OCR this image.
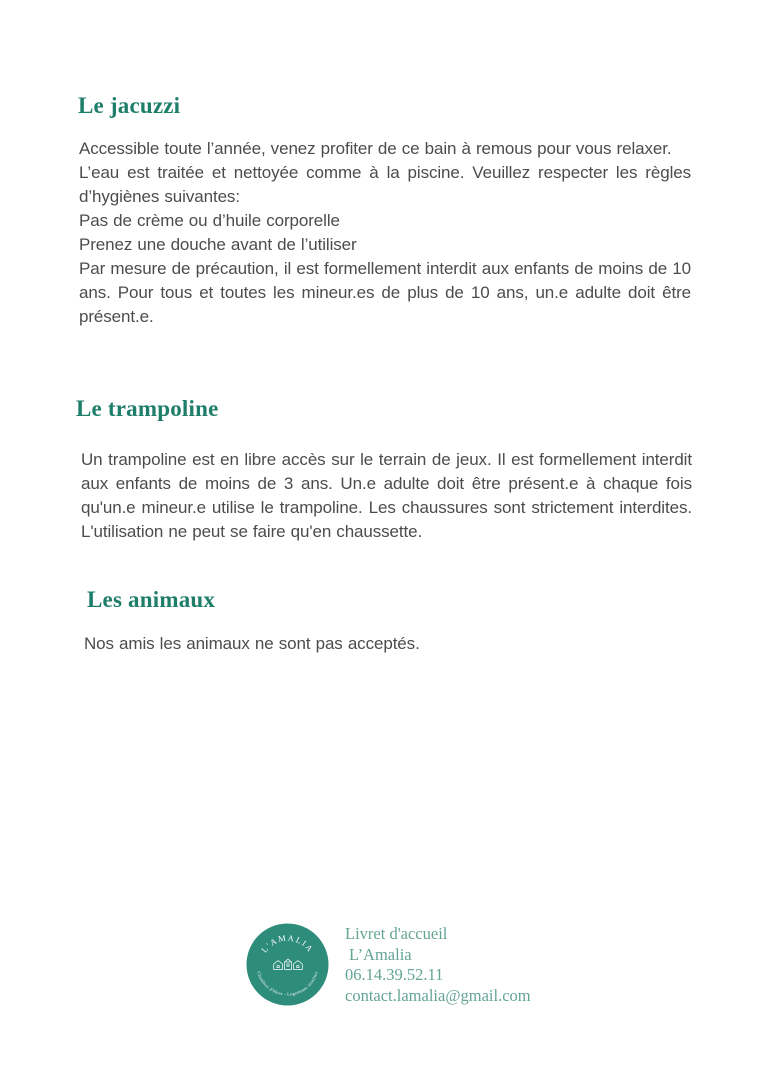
Le jacuzzi

Accessible toute l’année, venez profiter de ce bain à remous pour vous relaxer.

L’eau est traitée et nettoyée comme à la piscine. Veuillez respecter les règles d’hygiènes suivantes:

Pas de crème ou d’huile corporelle

Prenez une douche avant de l’utiliser

Par mesure de précaution, il est formellement interdit aux enfants de moins de 10 ans. Pour tous et toutes les mineur.es de plus de 10 ans, un.e adulte doit être présent.e.

Le trampoline

Un trampoline est en libre accès sur le terrain de jeux. Il est formellement interdit aux enfants de moins de 3 ans. Un.e adulte doit être présent.e à chaque fois qu'un.e mineur.e utilise le trampoline. Les chaussures sont strictement interdites. L'utilisation ne peut se faire qu'en chaussette.

Les animaux

Nos amis les animaux ne sont pas acceptés.

L'AMALIA
Chambres d'hôtes - Logements insolites
Livret d'accueil
L’Amalia
06.14.39.52.11
contact.lamalia@gmail.com
